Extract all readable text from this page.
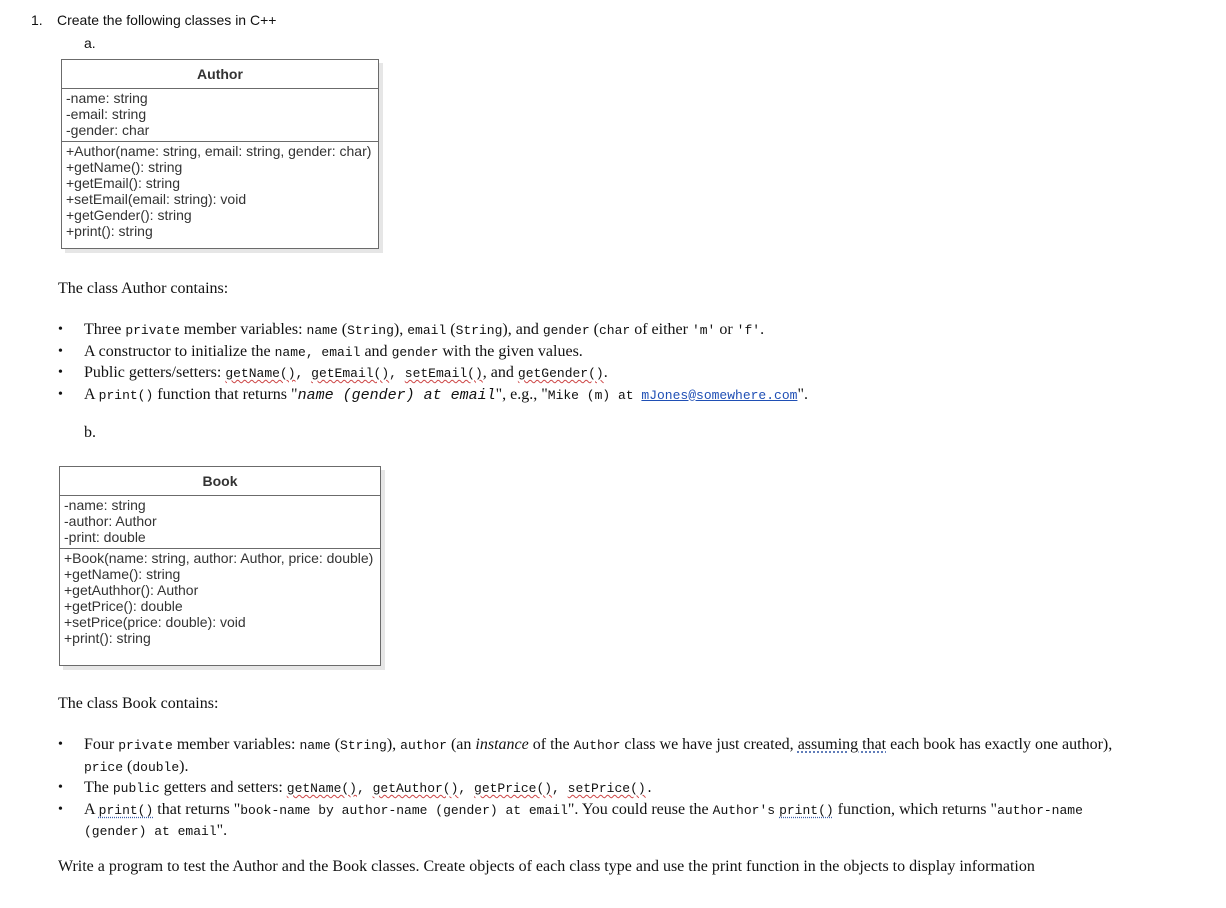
1. Create the following classes in C++
a.
Author
-name: string
-email: string
-gender: char
+Author(name: string, email: string, gender: char)
+getName(): string
+getEmail(): string
+setEmail(email: string): void
+getGender(): string
+print(): string
The class Author contains:
• Three private member variables: name (String), email (String), and gender (char of either 'm' or 'f'.
• A constructor to initialize the name, email and gender with the given values.
• Public getters/setters: getName(), getEmail(), setEmail(), and getGender().
• A print() function that returns "name (gender) at email", e.g., "Mike (m) at mJones@somewhere.com".
b.
Book
-name: string
-author: Author
-print: double
+Book(name: string, author: Author, price: double)
+getName(): string
+getAuthhor(): Author
+getPrice(): double
+setPrice(price: double): void
+print(): string
The class Book contains:
• Four private member variables: name (String), author (an instance of the Author class we have just created, assuming that each book has exactly one author),
price (double).
• The public getters and setters: getName(), getAuthor(), getPrice(), setPrice().
• A print() that returns "book-name by author-name (gender) at email". You could reuse the Author's print() function, which returns "author-name
(gender) at email".
Write a program to test the Author and the Book classes. Create objects of each class type and use the print function in the objects to display information
